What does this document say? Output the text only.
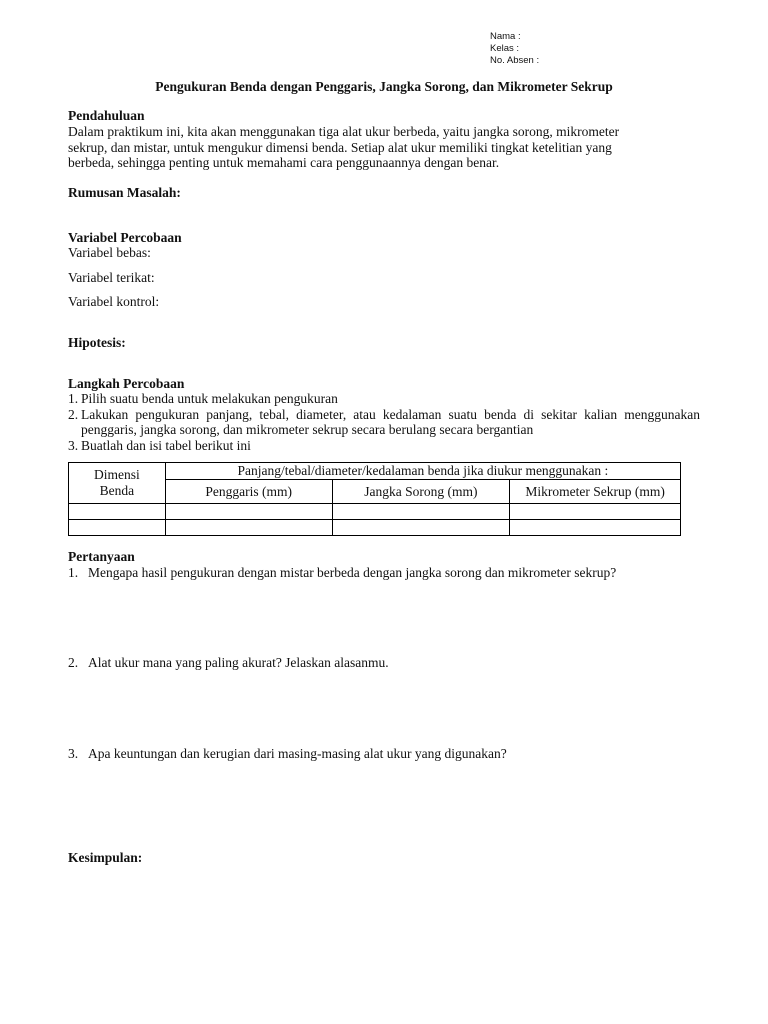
Nama :
Kelas :
No. Absen :
Pengukuran Benda dengan Penggaris, Jangka Sorong, dan Mikrometer Sekrup
Pendahuluan
Dalam praktikum ini, kita akan menggunakan tiga alat ukur berbeda, yaitu jangka sorong, mikrometer
sekrup, dan mistar, untuk mengukur dimensi benda. Setiap alat ukur memiliki tingkat ketelitian yang
berbeda, sehingga penting untuk memahami cara penggunaannya dengan benar.
Rumusan Masalah:
Variabel Percobaan
Variabel bebas:
Variabel terikat:
Variabel kontrol:
Hipotesis:
Langkah Percobaan
1. Pilih suatu benda untuk melakukan pengukuran
2. Lakukan pengukuran panjang, tebal, diameter, atau kedalaman suatu benda di sekitar kalian menggunakan penggaris, jangka sorong, dan mikrometer sekrup secara berulang secara bergantian
3. Buatlah dan isi tabel berikut ini
Dimensi
Benda	Panjang/tebal/diameter/kedalaman benda jika diukur menggunakan :		
	Penggaris (mm)	Jangka Sorong (mm)	Mikrometer Sekrup (mm)

Pertanyaan
1. Mengapa hasil pengukuran dengan mistar berbeda dengan jangka sorong dan mikrometer sekrup?
2. Alat ukur mana yang paling akurat? Jelaskan alasanmu.
3. Apa keuntungan dan kerugian dari masing-masing alat ukur yang digunakan?
Kesimpulan:
